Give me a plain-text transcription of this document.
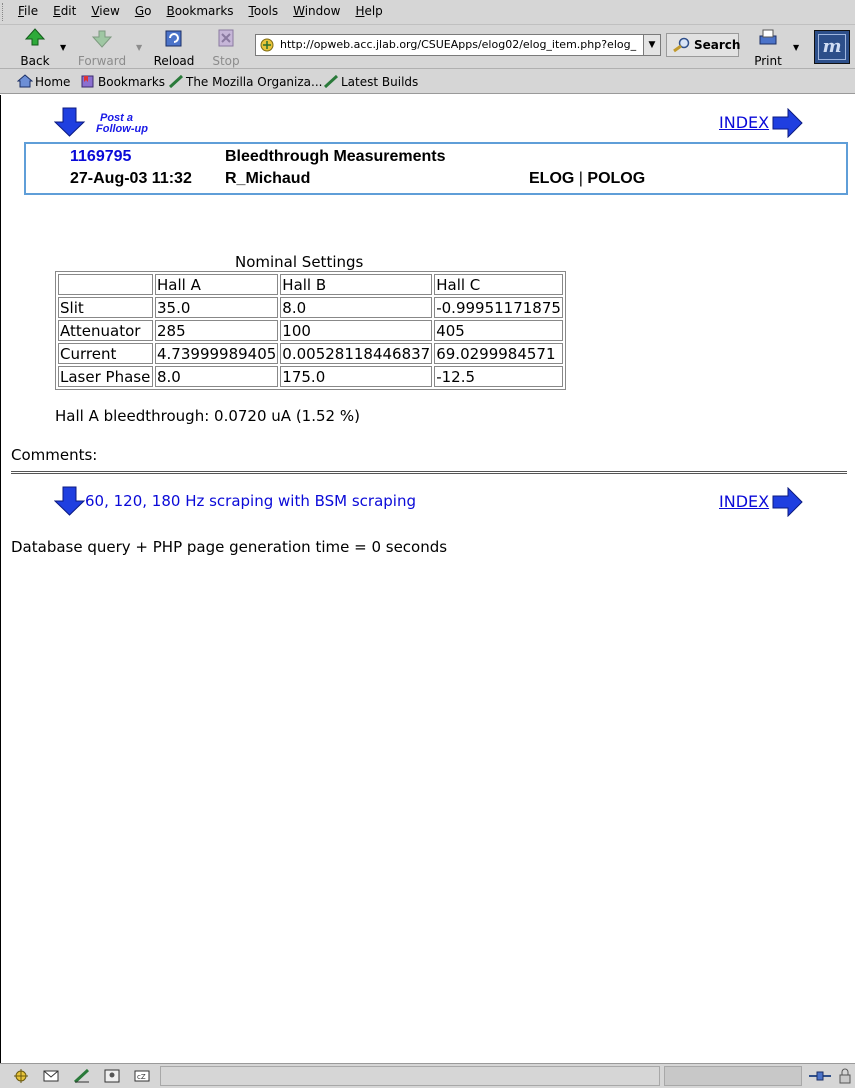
File Edit View Go Bookmarks Tools Window Help
Back
▼
Forward
▼
Reload Stop
http://opweb.acc.jlab.org/CSUEApps/elog02/elog_item.php?elog_	▼	Search
Print
▼ m
Home	Bookmarks	The Mozilla Organiza...	Latest Builds
Post a
Follow-up	INDEX
1169795	Bleedthrough Measurements
27-Aug-03 11:32 R_Michaud	ELOG | POLOG
Nominal Settings
	Hall A	Hall B	Hall C
Slit	35.0	8.0	-0.99951171875
Attenuator	285	100	405
Current	4.73999989405	0.00528118446837	69.0299984571
Laser Phase	8.0	175.0	-12.5
Hall A bleedthrough: 0.0720 uA (1.52 %)
Comments:
60, 120, 180 Hz scraping with BSM scraping	INDEX
Database query + PHP page generation time = 0 seconds
cZ
